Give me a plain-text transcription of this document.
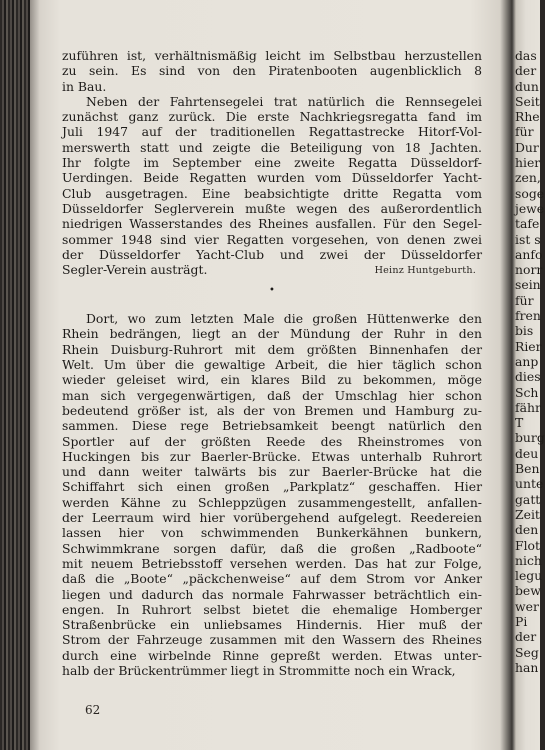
zuführen ist, verhältnismäßig leicht im Selbstbau herzustellen

zu sein. Es sind von den Piratenbooten augenblicklich 8

in Bau.

Neben der Fahrtensegelei trat natürlich die Rennsegelei

zunächst ganz zurück. Die erste Nachkriegsregatta fand im

Juli 1947 auf der traditionellen Regattastrecke Hitorf-Vol-

merswerth statt und zeigte die Beteiligung von 18 Jachten.

Ihr folgte im September eine zweite Regatta Düsseldorf-

Uerdingen. Beide Regatten wurden vom Düsseldorfer Yacht-

Club ausgetragen. Eine beabsichtigte dritte Regatta vom

Düsseldorfer Seglerverein mußte wegen des außerordentlich

niedrigen Wasserstandes des Rheines ausfallen. Für den Segel-

sommer 1948 sind vier Regatten vorgesehen, von denen zwei

der Düsseldorfer Yacht-Club und zwei der Düsseldorfer

Segler-Verein austrägt.	Heinz Huntgeburth.
•

Dort, wo zum letzten Male die großen Hüttenwerke den

Rhein bedrängen, liegt an der Mündung der Ruhr in den

Rhein Duisburg-Ruhrort mit dem größten Binnenhafen der

Welt. Um über die gewaltige Arbeit, die hier täglich schon

wieder geleiset wird, ein klares Bild zu bekommen, möge

man sich vergegenwärtigen, daß der Umschlag hier schon

bedeutend größer ist, als der von Bremen und Hamburg zu-

sammen. Diese rege Betriebsamkeit beengt natürlich den

Sportler auf der größten Reede des Rheinstromes von

Huckingen bis zur Baerler-Brücke. Etwas unterhalb Ruhrort

und dann weiter talwärts bis zur Baerler-Brücke hat die

Schiffahrt sich einen großen „Parkplatz“ geschaffen. Hier

werden Kähne zu Schleppzügen zusammengestellt, anfallen-

der Leerraum wird hier vorübergehend aufgelegt. Reedereien

lassen hier von schwimmenden Bunkerkähnen bunkern,

Schwimmkrane sorgen dafür, daß die großen „Radboote“

mit neuem Betriebsstoff versehen werden. Das hat zur Folge,

daß die „Boote“ „päckchenweise“ auf dem Strom vor Anker

liegen und dadurch das normale Fahrwasser beträchtlich ein-

engen. In Ruhrort selbst bietet die ehemalige Homberger

Straßenbrücke ein unliebsames Hindernis. Hier muß der

Strom der Fahrzeuge zusammen mit den Wassern des Rheines

durch eine wirbelnde Rinne gepreßt werden. Etwas unter-

halb der Brückentrümmer liegt in Strommitte noch ein Wrack,

62
das
der
dun
Seit
Rhe
für
Dur
hier
zen,
soge
jewe
tafe
ist s
anfo
norr
sein
für
fren
bis
Rier
anp
dies
Sch
fähr
T
burg
deu
Ben
unte
gatt
Zeit
den
Flot
nich
legu
bew
wer
Pi
der
Seg
han
